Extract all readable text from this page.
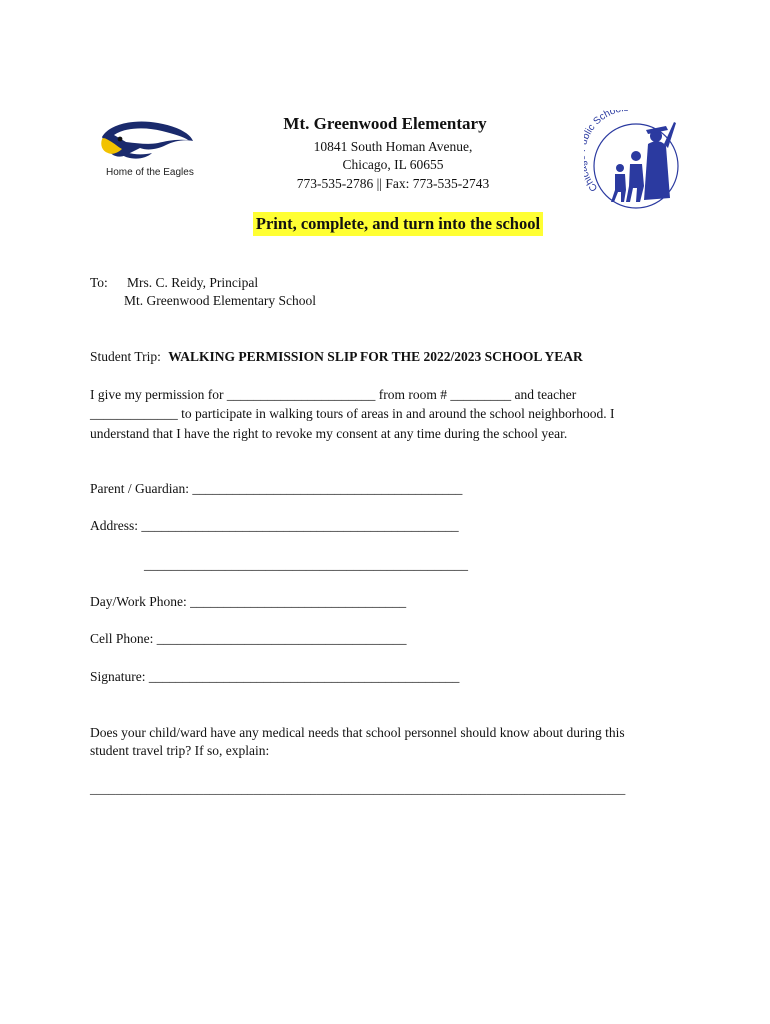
Home of the Eagles
Mt. Greenwood Elementary
10841 South Homan Avenue,
Chicago, IL 60655
773-535-2786 || Fax: 773-535-2743	Ch lic Scho
Print, complete, and turn into the school
To: Mrs. C. Reidy, Principal
Mt. Greenwood Elementary School
Student Trip: WALKING PERMISSION SLIP FOR THE 2022/2023 SCHOOL YEAR
I give my permission for ______________________ from room # _________ and teacher
_____________ to participate in walking tours of areas in and around the school neighborhood. I
understand that I have the right to revoke my consent at any time during the school year.
Parent / Guardian: ________________________________________
Address: _______________________________________________
________________________________________________
Day/Work Phone: ________________________________
Cell Phone: _____________________________________
Signature: ______________________________________________
Does your child/ward have any medical needs that school personnel should know about during this
student travel trip? If so, explain:
_____________________________________________________________________________________
